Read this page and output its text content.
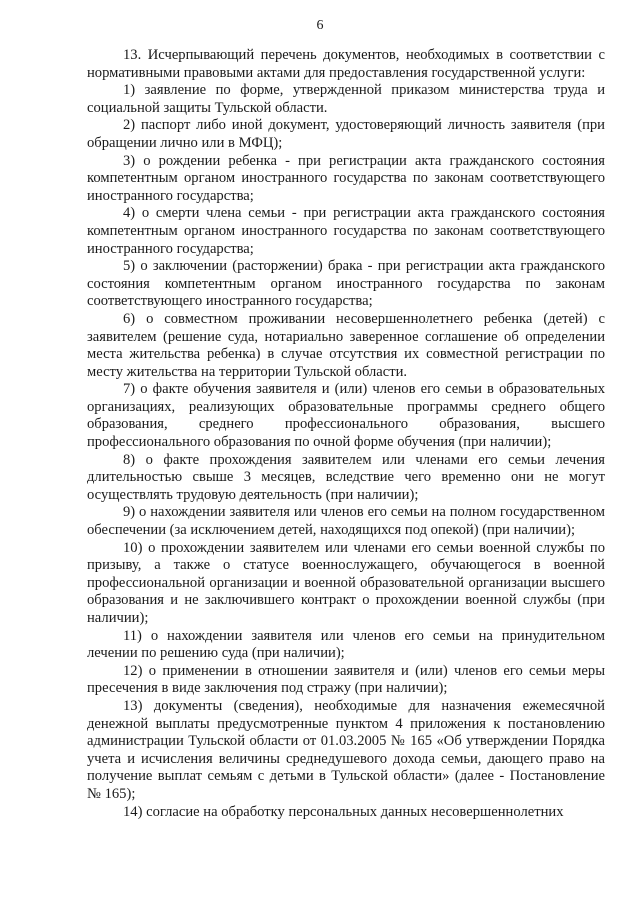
6

13. Исчерпывающий перечень документов, необходимых в соответствии с нормативными правовыми актами для предоставления государственной услуги:

1) заявление по форме, утвержденной приказом министерства труда и социальной защиты Тульской области.

2) паспорт либо иной документ, удостоверяющий личность заявителя (при обращении лично или в МФЦ);

3) о рождении ребенка - при регистрации акта гражданского состояния компетентным органом иностранного государства по законам соответствующего иностранного государства;

4) о смерти члена семьи - при регистрации акта гражданского состояния компетентным органом иностранного государства по законам соответствующего иностранного государства;

5) о заключении (расторжении) брака - при регистрации акта гражданского состояния компетентным органом иностранного государства по законам соответствующего иностранного государства;

6) о совместном проживании несовершеннолетнего ребенка (детей) с заявителем (решение суда, нотариально заверенное соглашение об определении места жительства ребенка) в случае отсутствия их совместной регистрации по месту жительства на территории Тульской области.

7) о факте обучения заявителя и (или) членов его семьи в образовательных организациях, реализующих образовательные программы среднего общего образования, среднего профессионального образования, высшего профессионального образования по очной форме обучения (при наличии);

8) о факте прохождения заявителем или членами его семьи лечения длительностью свыше 3 месяцев, вследствие чего временно они не могут осуществлять трудовую деятельность (при наличии);

9) о нахождении заявителя или членов его семьи на полном государственном обеспечении (за исключением детей, находящихся под опекой) (при наличии);

10) о прохождении заявителем или членами его семьи военной службы по призыву, а также о статусе военнослужащего, обучающегося в военной профессиональной организации и военной образовательной организации высшего образования и не заключившего контракт о прохождении военной службы (при наличии);

11) о нахождении заявителя или членов его семьи на принудительном лечении по решению суда (при наличии);

12) о применении в отношении заявителя и (или) членов его семьи меры пресечения в виде заключения под стражу (при наличии);

13) документы (сведения), необходимые для назначения ежемесячной денежной выплаты предусмотренные пунктом 4 приложения к постановлению администрации Тульской области от 01.03.2005 № 165 «Об утверждении Порядка учета и исчисления величины среднедушевого дохода семьи, дающего право на получение выплат семьям с детьми в Тульской области» (далее - Постановление № 165);

14) согласие на обработку персональных данных несовершеннолетних
